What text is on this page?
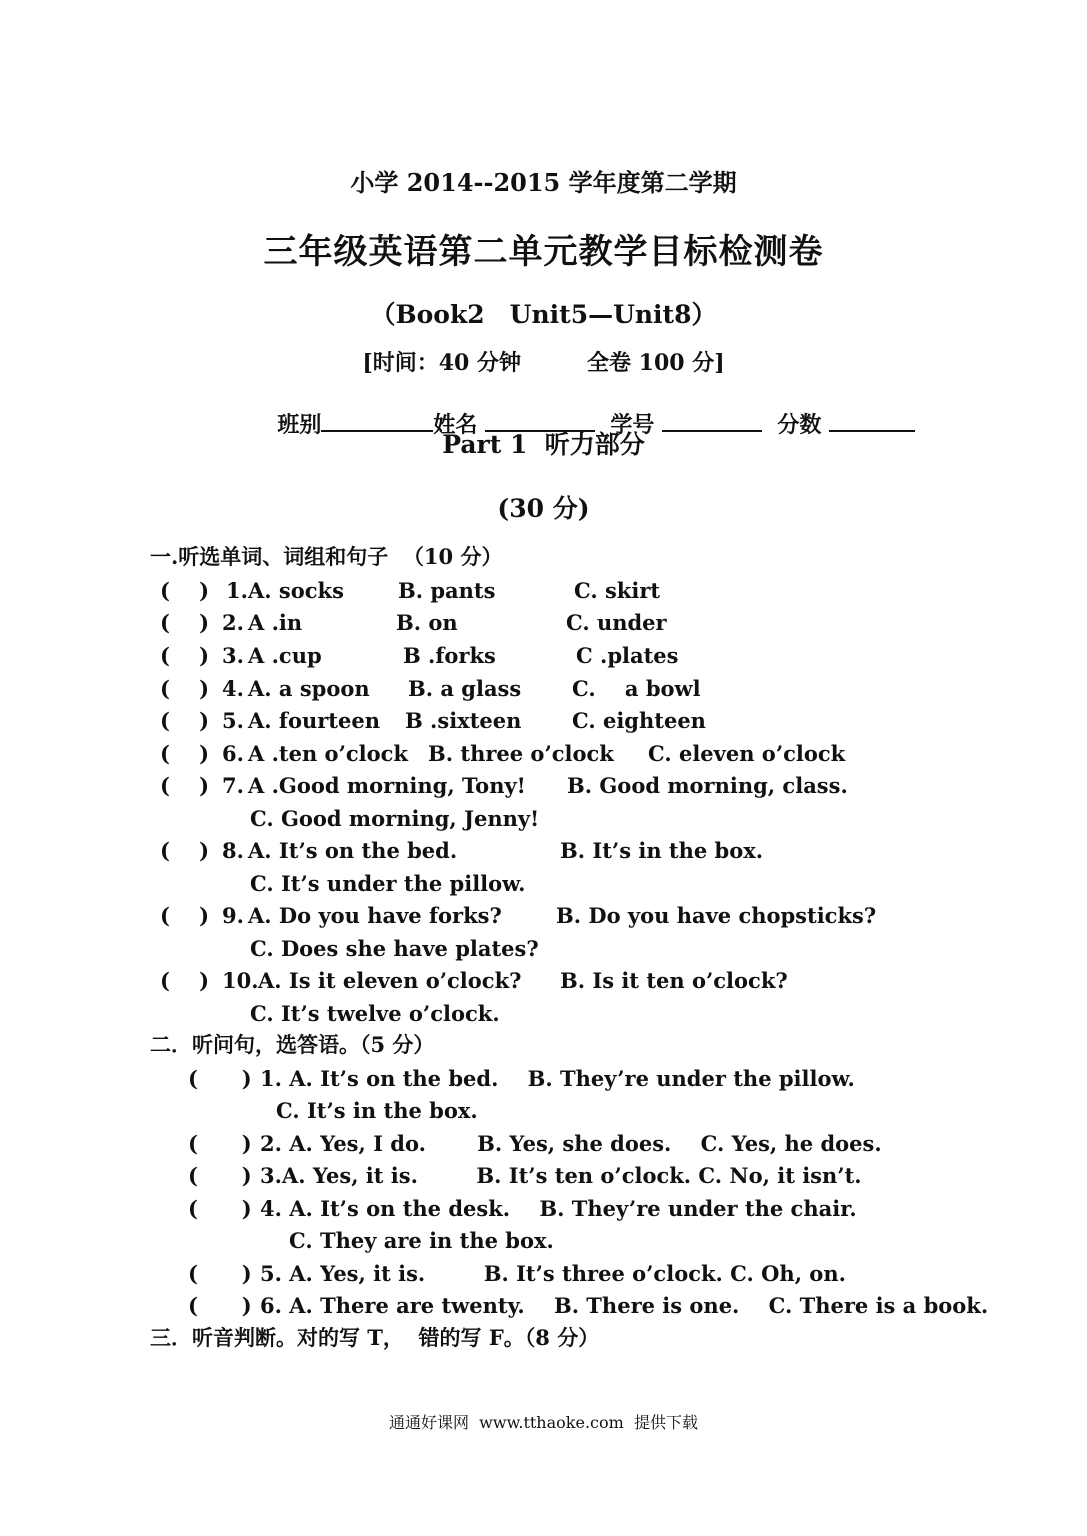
小学 2014--2015 学年度第二学期
三年级英语第二单元教学目标检测卷
（Book2　Unit5—Unit8）
[时间：40 分钟　　　全卷 100 分]

班别	姓名	学号	分数

Part 1  听力部分
(30 分)
一.听选单词、词组和句子  （10 分）
(    ) 1. A. socks	B. pants	C. skirt
(    ) 2. A .in	B. on	C. under
(    ) 3. A .cup	B .forks	C .plates
(    ) 4. A. a spoon B. a glass C.    a bowl
(    ) 5. A. fourteen B .sixteen C. eighteen
(    ) 6. A .ten o’clock B. three o’clock C. eleven o’clock
(    ) 7. A .Good morning, Tony! B. Good morning, class.
C. Good morning, Jenny!
(    ) 8. A. It’s on the bed.	B. It’s in the box.
C. It’s under the pillow.
(    ) 9. A. Do you have forks?	B. Do you have chopsticks?
C. Does she have plates?
(    ) 10. A. Is it eleven o’clock? B. Is it ten o’clock?
C. It’s twelve o’clock.
二．听问句，选答语。（5 分）
(      ) 1. A. It’s on the bed.    B. They’re under the pillow.
C. It’s in the box.
(      ) 2. A. Yes, I do.       B. Yes, she does.    C. Yes, he does.
(      ) 3.A. Yes, it is.        B. It’s ten o’clock. C. No, it isn’t.
(      ) 4. A. It’s on the desk.    B. They’re under the chair.
C. They are in the box.
(      ) 5. A. Yes, it is.        B. It’s three o’clock. C. Oh, on.
(      ) 6. A. There are twenty.    B. There is one.    C. There is a book.
三．听音判断。对的写 T，  错的写 F。（8 分）
通通好课网  www.tthaoke.com  提供下载
